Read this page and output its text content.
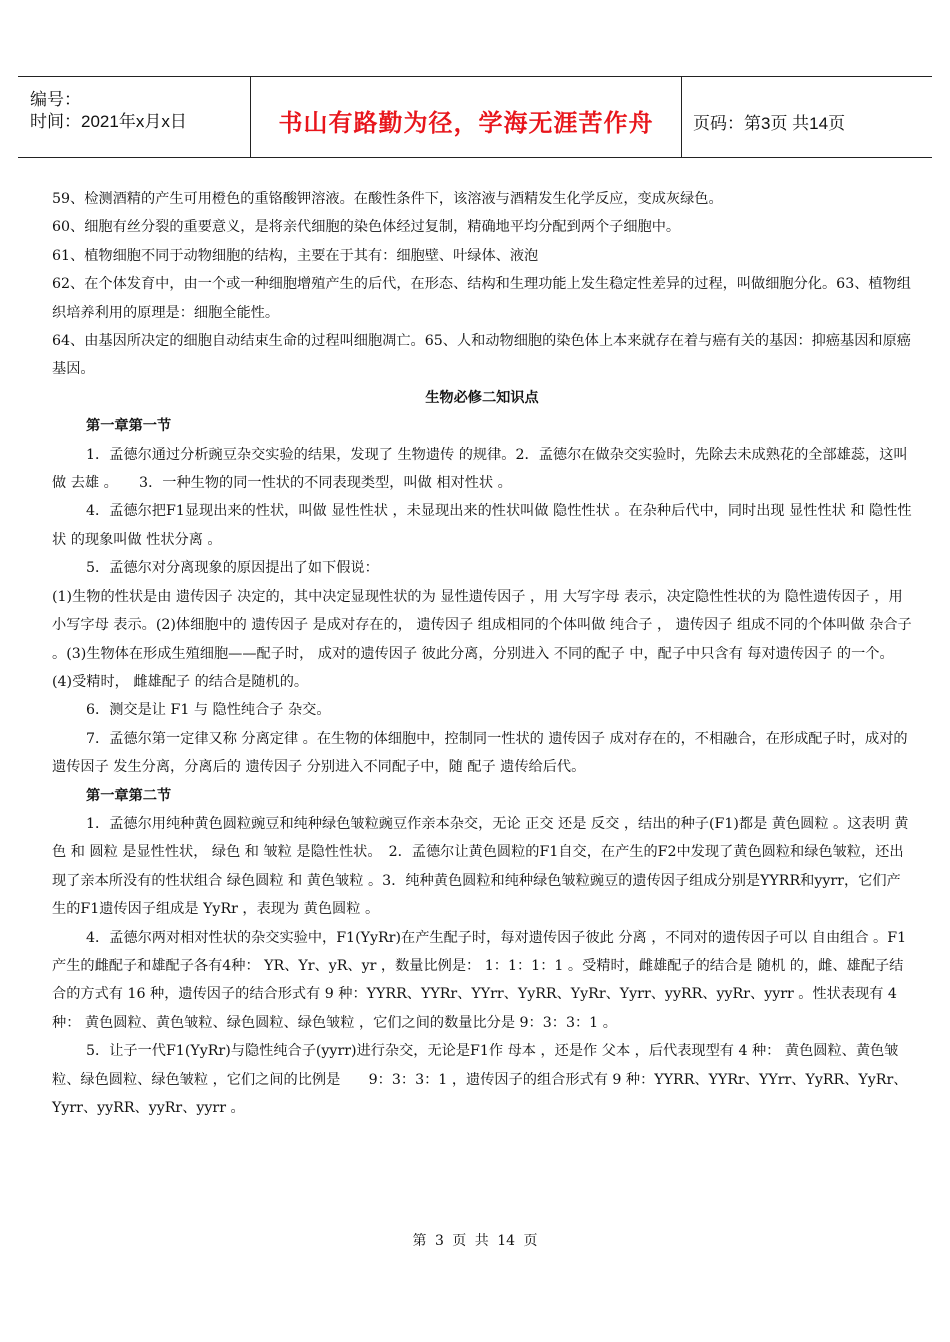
编号：
时间：2021年x月x日	书山有路勤为径，学海无涯苦作舟	页码：第3页 共14页

59、检测酒精的产生可用橙色的重铬酸钾溶液。在酸性条件下，该溶液与酒精发生化学反应，变成灰绿色。

60、细胞有丝分裂的重要意义，是将亲代细胞的染色体经过复制，精确地平均分配到两个子细胞中。

61、植物细胞不同于动物细胞的结构，主要在于其有：细胞壁、叶绿体、液泡

62、在个体发育中，由一个或一种细胞增殖产生的后代，在形态、结构和生理功能上发生稳定性差异的过程，叫做细胞分化。63、植物组织培养利用的原理是：细胞全能性。

64、由基因所决定的细胞自动结束生命的过程叫细胞凋亡。65、人和动物细胞的染色体上本来就存在着与癌有关的基因：抑癌基因和原癌基因。

生物必修二知识点

第一章第一节

1．孟德尔通过分析豌豆杂交实验的结果，发现了 生物遗传 的规律。2．孟德尔在做杂交实验时，先除去未成熟花的全部雄蕊，这叫做 去雄 。　　3．一种生物的同一性状的不同表现类型，叫做 相对性状 。

4．孟德尔把F1显现出来的性状，叫做 显性性状 ，未显现出来的性状叫做 隐性性状 。在杂种后代中，同时出现 显性性状 和 隐性性状 的现象叫做 性状分离 。

5．孟德尔对分离现象的原因提出了如下假说：

(1)生物的性状是由 遗传因子 决定的，其中决定显现性状的为 显性遗传因子 ，用 大写字母 表示，决定隐性性状的为 隐性遗传因子 ，用 小写字母 表示。(2)体细胞中的 遗传因子 是成对存在的， 遗传因子 组成相同的个体叫做 纯合子 ， 遗传因子 组成不同的个体叫做 杂合子 。(3)生物体在形成生殖细胞——配子时， 成对的遗传因子 彼此分离，分别进入 不同的配子 中，配子中只含有 每对遗传因子 的一个。(4)受精时， 雌雄配子 的结合是随机的。

6．测交是让 F1 与 隐性纯合子 杂交。

7．孟德尔第一定律又称 分离定律 。在生物的体细胞中，控制同一性状的 遗传因子 成对存在的，不相融合，在形成配子时，成对的 遗传因子 发生分离，分离后的 遗传因子 分别进入不同配子中，随 配子 遗传给后代。

第一章第二节

1．孟德尔用纯种黄色圆粒豌豆和纯种绿色皱粒豌豆作亲本杂交，无论 正交 还是 反交 ，结出的种子(F1)都是 黄色圆粒 。这表明 黄色 和 圆粒 是显性性状， 绿色 和 皱粒 是隐性性状。　2．孟德尔让黄色圆粒的F1自交，在产生的F2中发现了黄色圆粒和绿色皱粒，还出现了亲本所没有的性状组合 绿色圆粒 和 黄色皱粒 。3．纯种黄色圆粒和纯种绿色皱粒豌豆的遗传因子组成分别是YYRR和yyrr，它们产生的F1遗传因子组成是 YyRr ，表现为 黄色圆粒 。

4．孟德尔两对相对性状的杂交实验中，F1(YyRr)在产生配子时，每对遗传因子彼此 分离 ，不同对的遗传因子可以 自由组合 。F1产生的雌配子和雄配子各有4种： YR、Yr、yR、yr ，数量比例是： 1：1：1：1 。受精时，雌雄配子的结合是 随机 的，雌、雄配子结合的方式有 16 种，遗传因子的结合形式有 9 种：YYRR、YYRr、YYrr、YyRR、YyRr、Yyrr、yyRR、yyRr、yyrr 。性状表现有 4 种： 黄色圆粒、黄色皱粒、绿色圆粒、绿色皱粒 ，它们之间的数量比分是 9：3：3：1 。

5．让子一代F1(YyRr)与隐性纯合子(yyrr)进行杂交，无论是F1作 母本 ，还是作 父本 ，后代表现型有 4 种： 黄色圆粒、黄色皱粒、绿色圆粒、绿色皱粒 ，它们之间的比例是　　9：3：3：1 ，遗传因子的组合形式有 9 种：YYRR、YYRr、YYrr、YyRR、YyRr、Yyrr、yyRR、yyRr、yyrr 。

第 3 页 共 14 页
